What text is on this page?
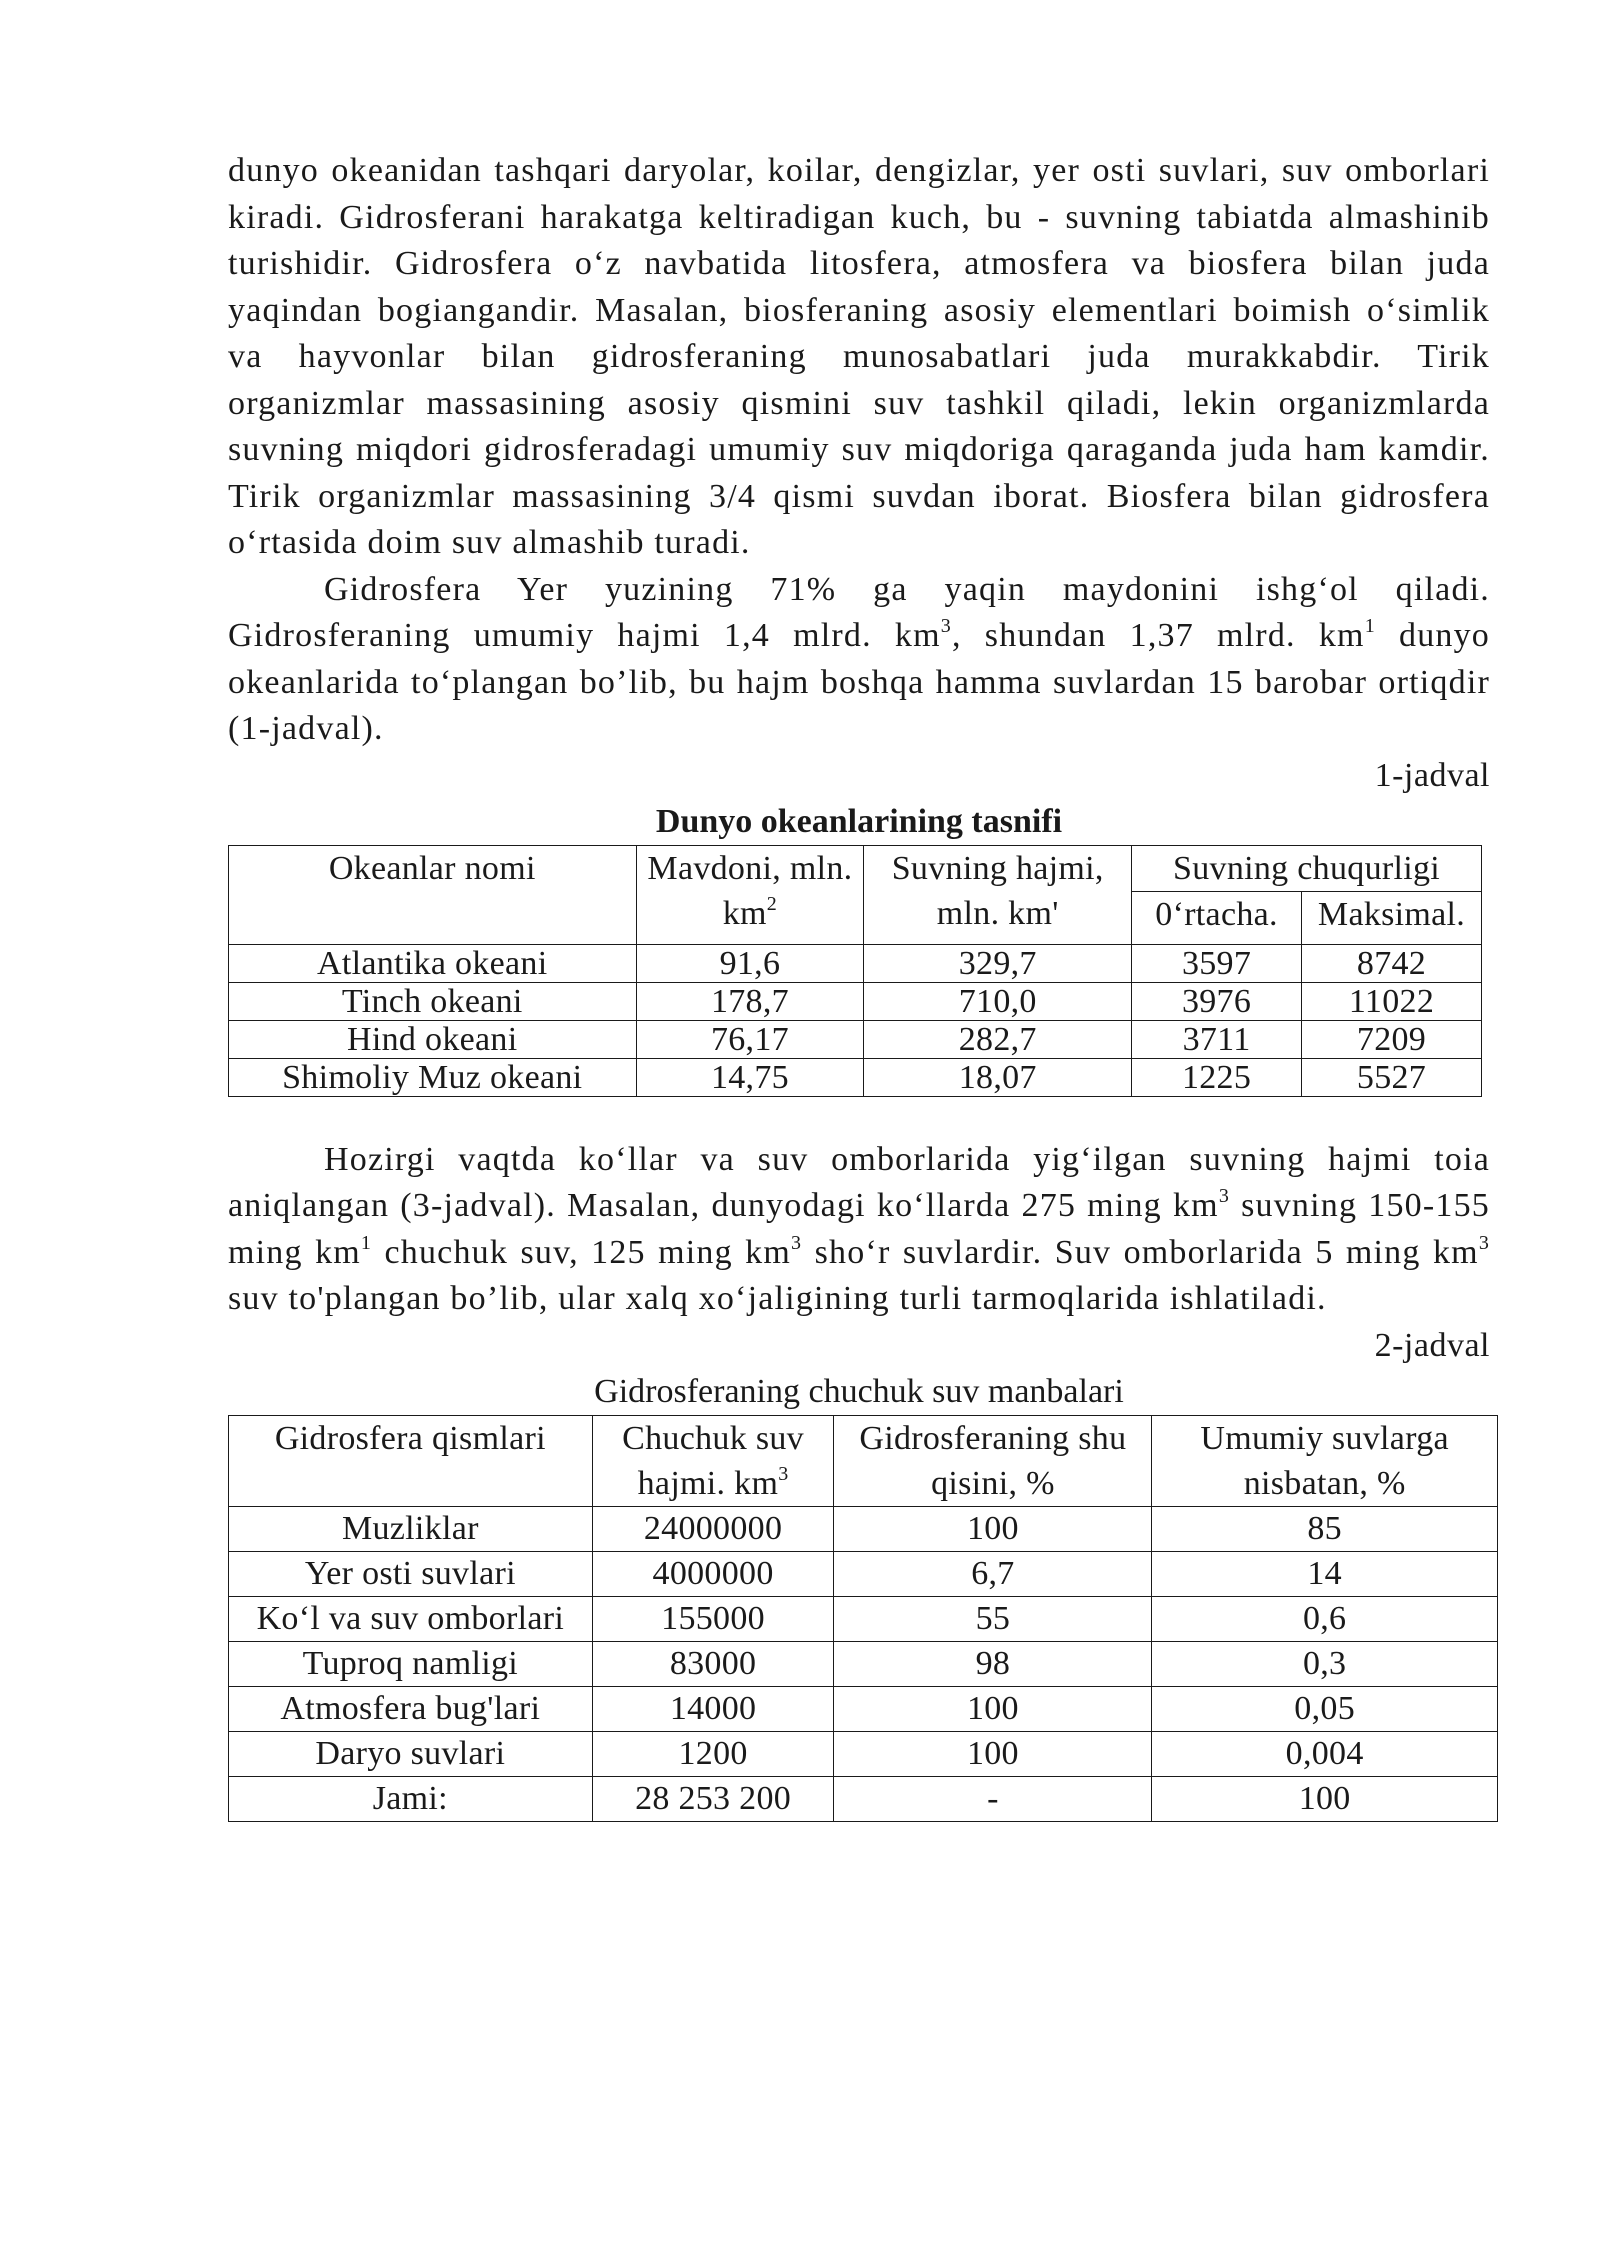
dunyo okeanidan tashqari daryolar, koilar, dengizlar, yer osti suvlari, suv omborlari kiradi. Gidrosferani harakatga keltiradigan kuch, bu - suvning tabiatda almashinib turishidir. Gidrosfera o‘z navbatida litosfera, atmosfera va biosfera bilan juda yaqindan bogiangandir. Masalan, biosferaning asosiy elementlari boimish o‘simlik va hayvonlar bilan gidrosferaning munosabatlari juda murakkabdir. Tirik organizmlar massasining asosiy qismini suv tashkil qiladi, lekin organizmlarda suvning miqdori gidrosferadagi umumiy suv miqdoriga qaraganda juda ham kamdir. Tirik organizmlar massasining 3/4 qismi suvdan iborat. Biosfera bilan gidrosfera o‘rtasida doim suv almashib turadi.

Gidrosfera Yer yuzining 71% ga yaqin maydonini ishg‘ol qiladi. Gidrosferaning umumiy hajmi 1,4 mlrd. $km^3$, shundan 1,37 mlrd. $km^1$ dunyo okeanlarida to‘plangan bo’lib, bu hajm boshqa hamma suvlardan 15 barobar ortiqdir (1-jadval).

1-jadval

Dunyo okeanlarining tasnifi

Okeanlar nomi	Mavdoni, mln. $km^2$	Suvning hajmi, mln. km'	Suvning chuqurligi	
			0‘rtacha.	Maksimal.
Atlantika okeani	91,6	329,7	3597	8742
Tinch okeani	178,7	710,0	3976	11022
Hind okeani	76,17	282,7	3711	7209
Shimoliy Muz okeani	14,75	18,07	1225	5527

Hozirgi vaqtda ko‘llar va suv omborlarida yig‘ilgan suvning hajmi toia aniqlangan (3-jadval). Masalan, dunyodagi ko‘llarda 275 ming $km^3$ suvning 150-155 ming $km^1$ chuchuk suv, 125 ming $km^3$ sho‘r suvlardir. Suv omborlarida 5 ming $km^3$ suv to'plangan bo’lib, ular xalq xo‘jaligining turli tarmoqlarida ishlatiladi.

2-jadval

Gidrosferaning chuchuk suv manbalari

Gidrosfera qismlari	Chuchuk suv hajmi. $km^3$	Gidrosferaning shu qisini, %	Umumiy suvlarga nisbatan, %
Muzliklar	24000000	100	85
Yer osti suvlari	4000000	6,7	14
Ko‘l va suv omborlari	155000	55	0,6
Tuproq namligi	83000	98	0,3
Atmosfera bug'lari	14000	100	0,05
Daryo suvlari	1200	100	0,004
Jami:	28 253 200	-	100
